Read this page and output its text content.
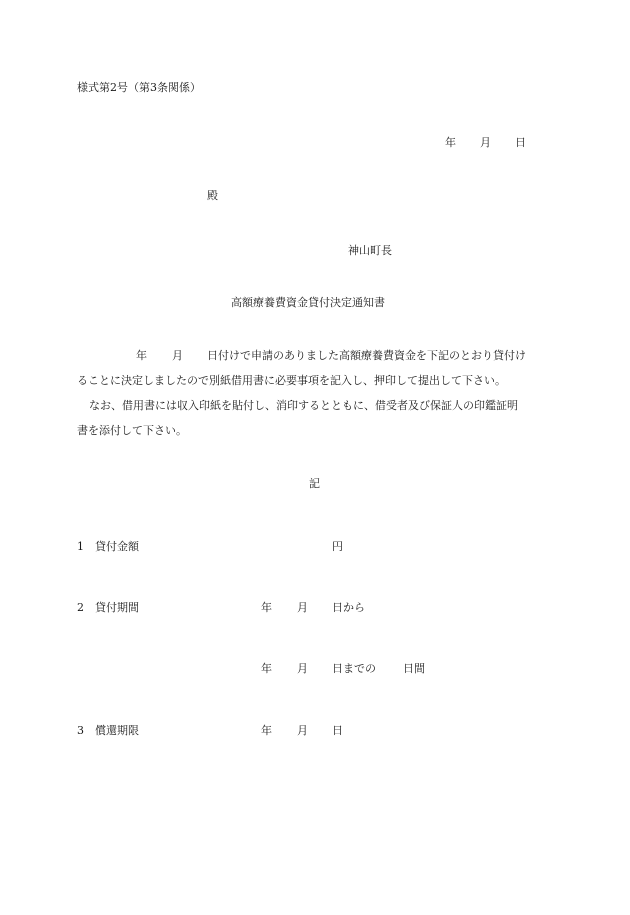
様式第2号（第3条関係）
年 月 日
殿
神山町長
高額療養費資金貸付決定通知書
年 月 日付けで申請のありました高額療養費資金を下記のとおり貸付け
ることに決定しましたので別紙借用書に必要事項を記入し、押印して提出して下さい。
なお、借用書には収入印紙を貼付し、消印するとともに、借受者及び保証人の印鑑証明
書を添付して下さい。
記
1 貸付金額	円
2 貸付期間	年 月 日から
年 月 日までの 日間
3 償還期限	年 月 日
